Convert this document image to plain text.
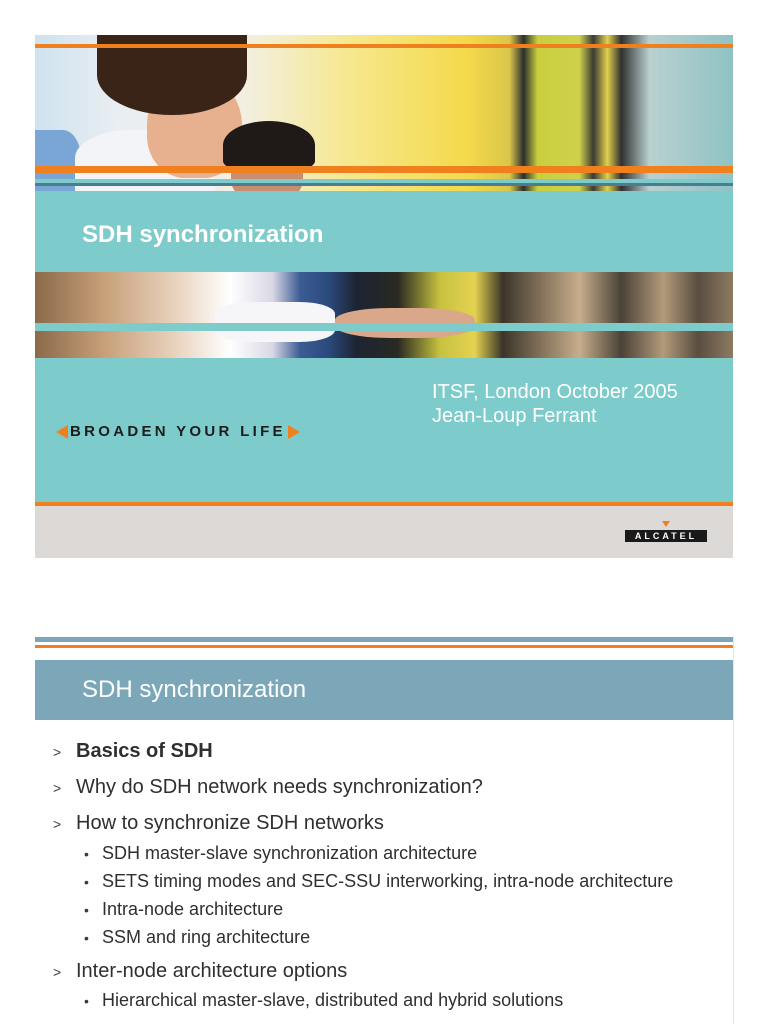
SDH synchronization
ITSF, London October 2005
Jean-Loup Ferrant
BROADEN YOUR LIFE
ALCATEL
SDH synchronization
> Basics of SDH
> Why do SDH network needs synchronization?
> How to synchronize SDH networks
• SDH master-slave synchronization architecture
• SETS timing modes and SEC-SSU interworking, intra-node architecture
• Intra-node architecture
• SSM and ring architecture
> Inter-node architecture options
• Hierarchical master-slave, distributed and hybrid solutions
